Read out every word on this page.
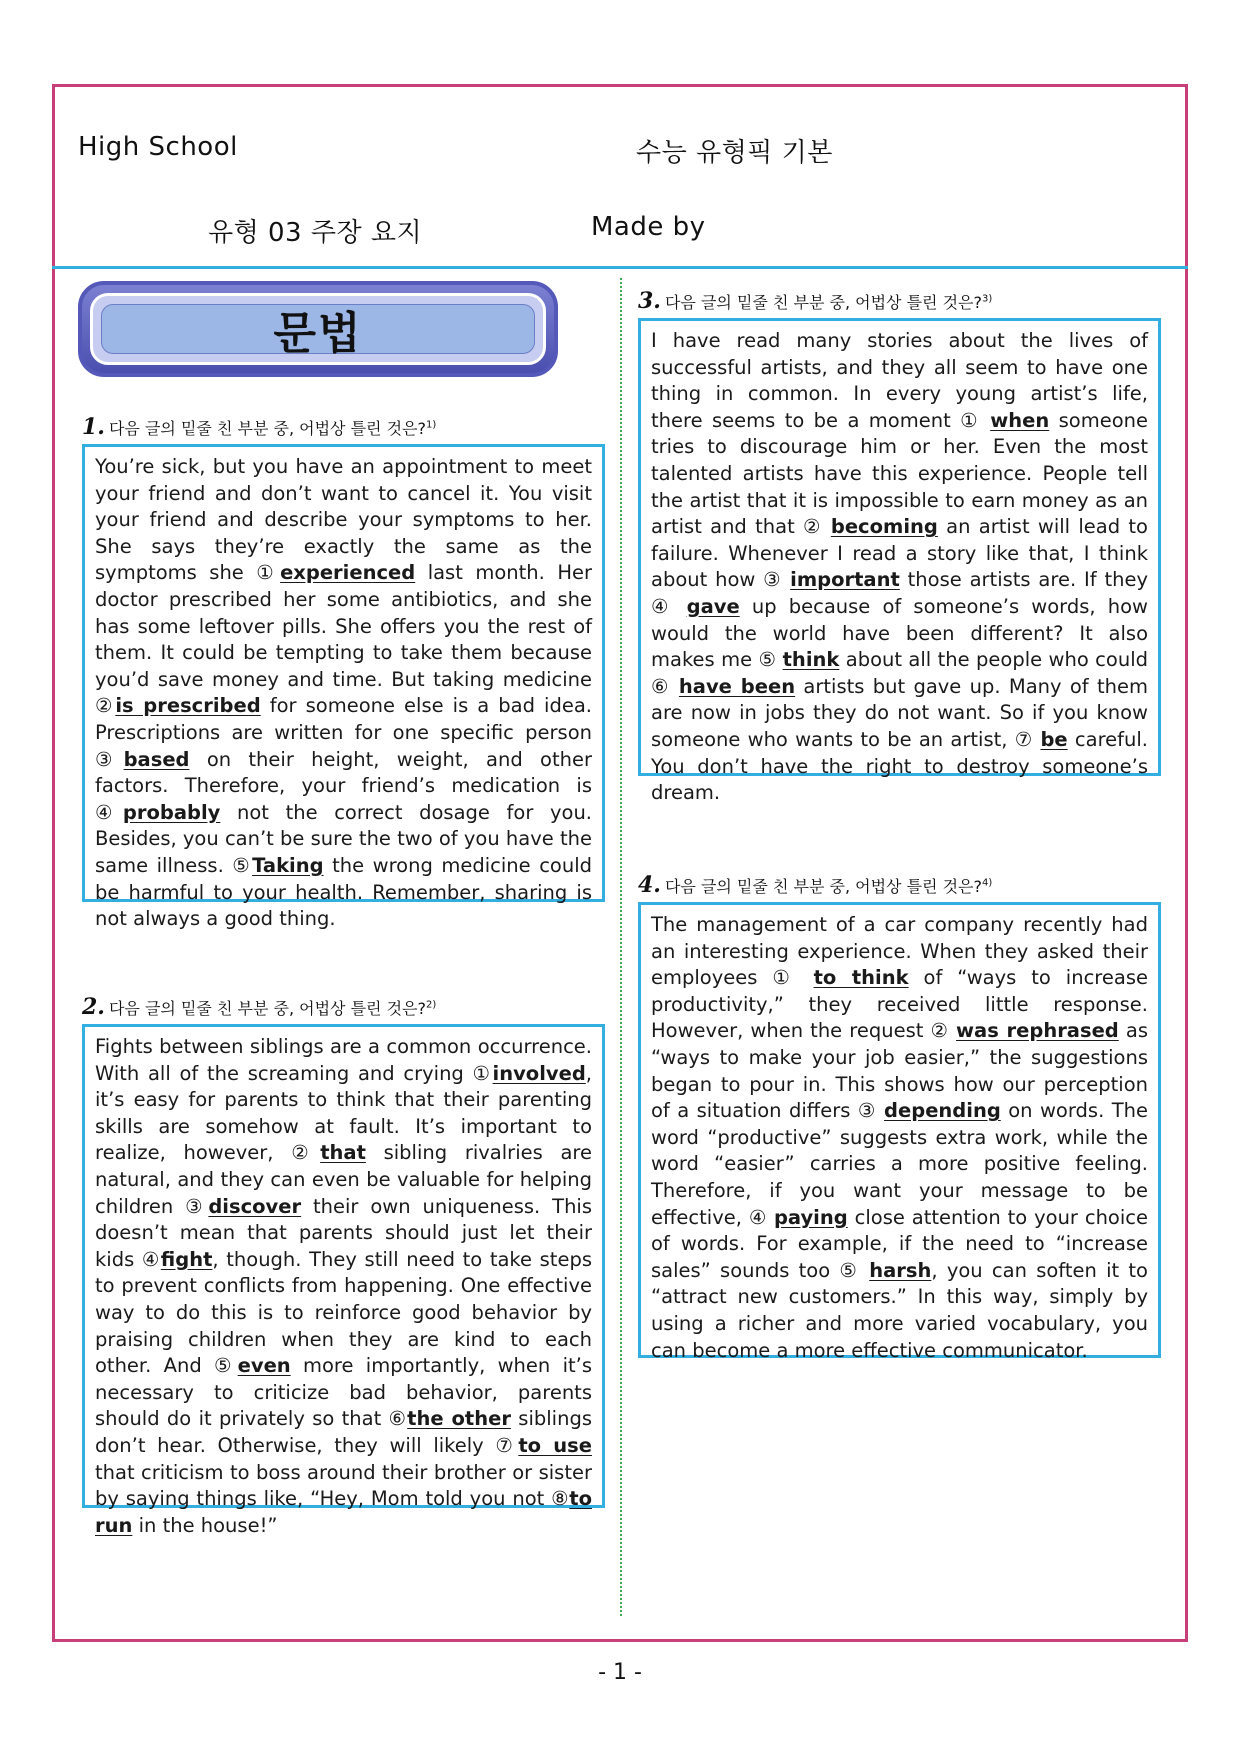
High School	수능 유형픽 기본
유형 03 주장 요지	Made by
문법
1. 다음 글의 밑줄 친 부분 중, 어법상 틀린 것은?$^{1)}$
You’re sick, but you have an appointment to meet your friend and don’t want to cancel it. You visit your friend and describe your symptoms to her. She says they’re exactly the same as the symptoms she ①experienced last month. Her doctor prescribed her some antibiotics, and she has some leftover pills. She offers you the rest of them. It could be tempting to take them because you’d save money and time. But taking medicine ②is prescribed for someone else is a bad idea. Prescriptions are written for one specific person ③based on their height, weight, and other factors. Therefore, your friend’s medication is ④probably not the correct dosage for you. Besides, you can’t be sure the two of you have the same illness. ⑤Taking the wrong medicine could be harmful to your health. Remember, sharing is not always a good thing.
2. 다음 글의 밑줄 친 부분 중, 어법상 틀린 것은?$^{2)}$
Fights between siblings are a common occurrence. With all of the screaming and crying ①involved, it’s easy for parents to think that their parenting skills are somehow at fault. It’s important to realize, however, ②that sibling rivalries are natural, and they can even be valuable for helping children ③discover their own uniqueness. This doesn’t mean that parents should just let their kids ④fight, though. They still need to take steps to prevent conflicts from happening. One effective way to do this is to reinforce good behavior by praising children when they are kind to each other. And ⑤even more importantly, when it’s necessary to criticize bad behavior, parents should do it privately so that ⑥the other siblings don’t hear. Otherwise, they will likely ⑦to use that criticism to boss around their brother or sister by saying things like, “Hey, Mom told you not ⑧to run in the house!”
3. 다음 글의 밑줄 친 부분 중, 어법상 틀린 것은?$^{3)}$
I have read many stories about the lives of successful artists, and they all seem to have one thing in common. In every young artist’s life, there seems to be a moment ① when someone tries to discourage him or her. Even the most talented artists have this experience. People tell the artist that it is impossible to earn money as an artist and that ② becoming an artist will lead to failure. Whenever I read a story like that, I think about how ③ important those artists are. If they ④ gave up because of someone’s words, how would the world have been different? It also makes me ⑤ think about all the people who could ⑥ have been artists but gave up. Many of them are now in jobs they do not want. So if you know someone who wants to be an artist, ⑦ be careful. You don’t have the right to destroy someone’s dream.
4. 다음 글의 밑줄 친 부분 중, 어법상 틀린 것은?$^{4)}$
The management of a car company recently had an interesting experience. When they asked their employees ① to think of “ways to increase productivity,” they received little response. However, when the request ② was rephrased as “ways to make your job easier,” the suggestions began to pour in. This shows how our perception of a situation differs ③ depending on words. The word “productive” suggests extra work, while the word “easier” carries a more positive feeling. Therefore, if you want your message to be effective, ④ paying close attention to your choice of words. For example, if the need to “increase sales” sounds too ⑤ harsh, you can soften it to “attract new customers.” In this way, simply by using a richer and more varied vocabulary, you can become a more effective communicator.
- 1 -
